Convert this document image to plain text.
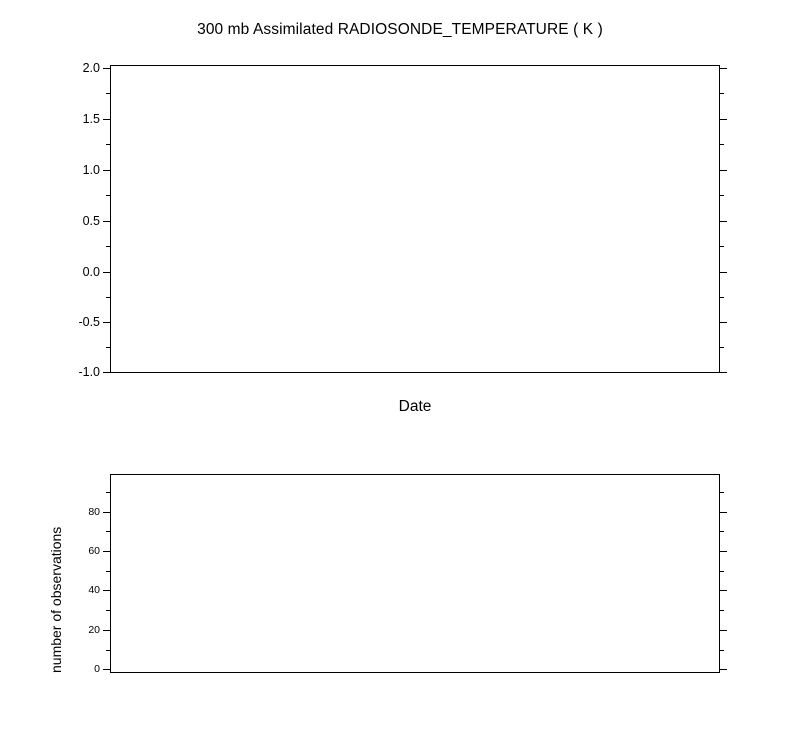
300 mb Assimilated RADIOSONDE_TEMPERATURE ( K )
2.0
1.5
1.0
0.5
0.0
-0.5
-1.0
Date
80
60
40
20
0
number of observations
